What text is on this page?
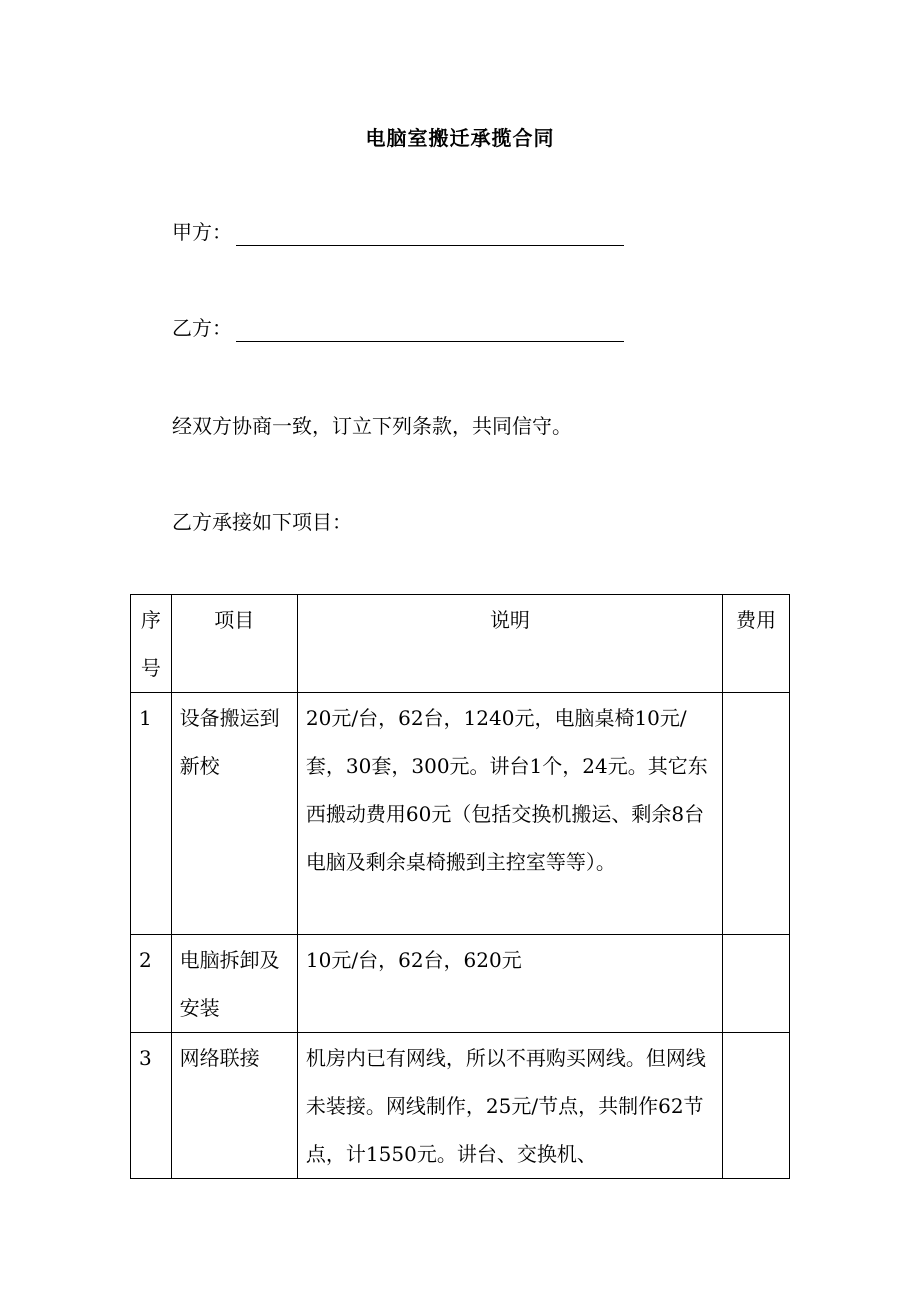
电脑室搬迁承揽合同
甲方：
乙方：
经双方协商一致，订立下列条款，共同信守。
乙方承接如下项目：
序号	项目	说明	费用
1	设备搬运到新校	20元/台，62台，1240元，电脑桌椅10元/套，30套，300元。讲台1个，24元。其它东西搬动费用60元（包括交换机搬运、剩余8台电脑及剩余桌椅搬到主控室等等）。	
2	电脑拆卸及安装	10元/台，62台，620元	
3	网络联接	机房内已有网线，所以不再购买网线。但网线未装接。网线制作，25元/节点，共制作62节点，计1550元。讲台、交换机、	
